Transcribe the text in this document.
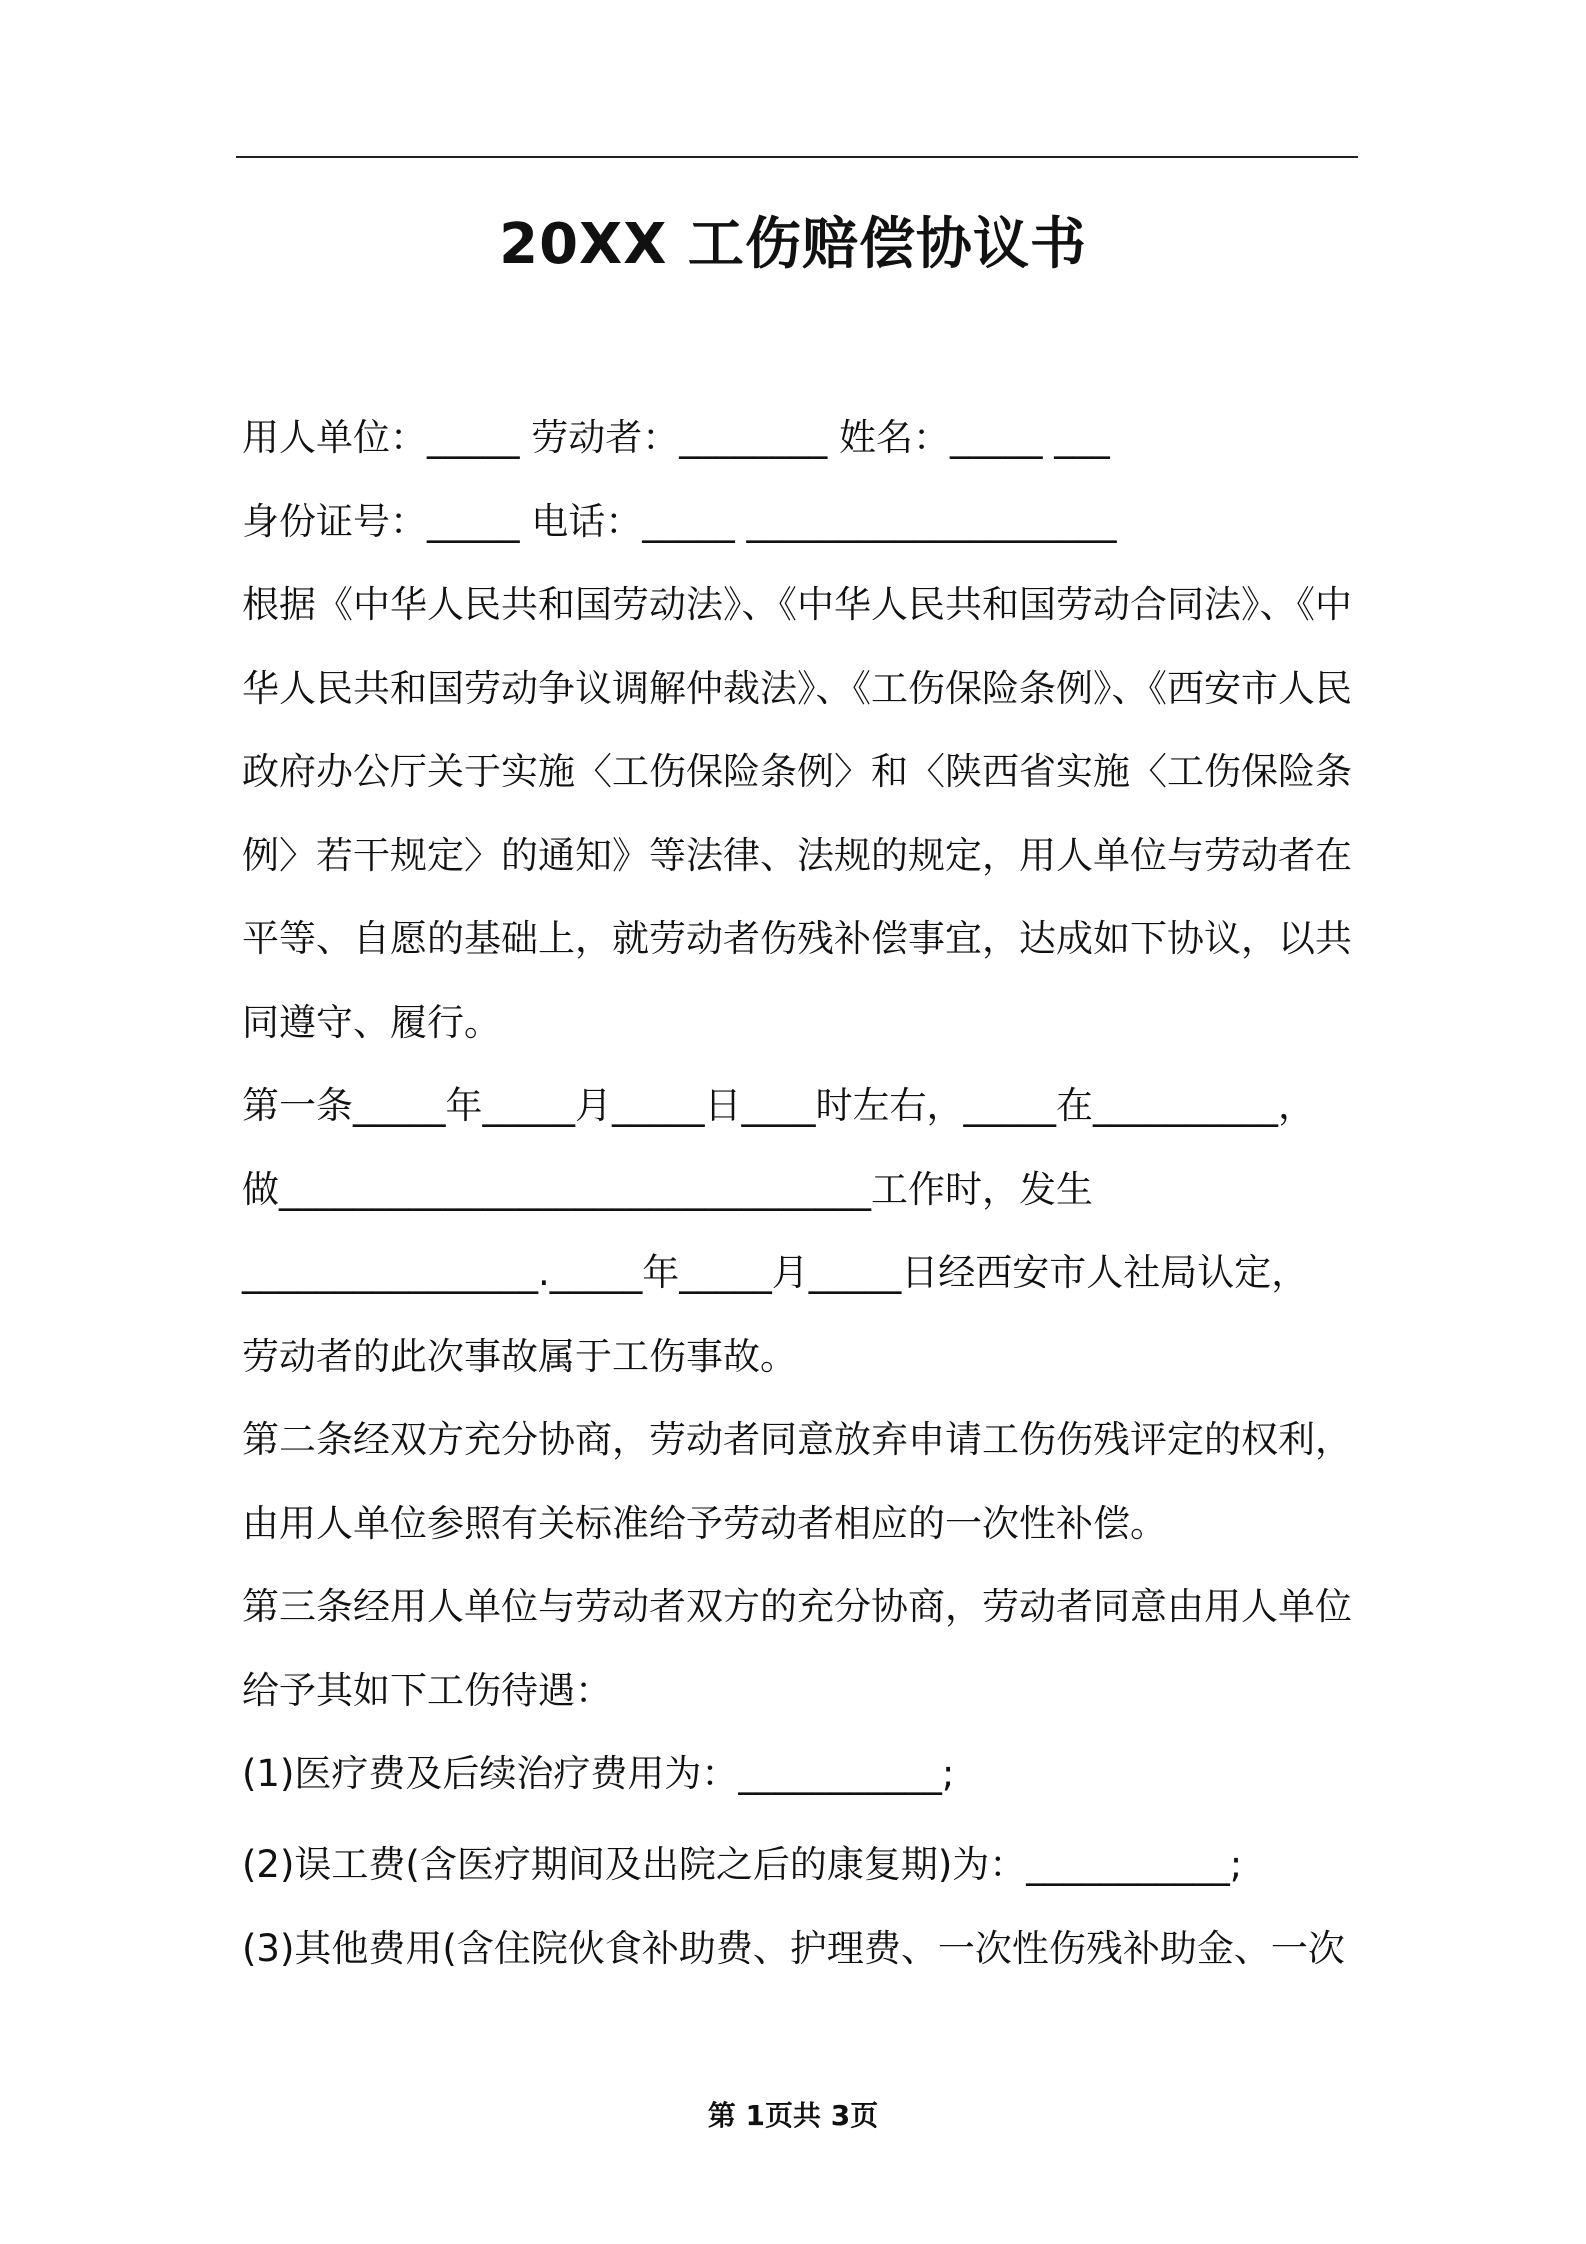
20XX 工伤赔偿协议书
用人单位：_____ 劳动者：________ 姓名：_____ ___
身份证号：_____ 电话：_____ ____________________
根据《中华人民共和国劳动法》、《中华人民共和国劳动合同法》、《中
华人民共和国劳动争议调解仲裁法》、《工伤保险条例》、《西安市人民
政府办公厅关于实施〈工伤保险条例〉和〈陕西省实施〈工伤保险条
例〉若干规定〉的通知》等法律、法规的规定，用人单位与劳动者在
平等、自愿的基础上，就劳动者伤残补偿事宜，达成如下协议，以共
同遵守、履行。
第一条_____年_____月_____日____时左右，_____在__________，
做________________________________工作时，发生
________________._____年_____月_____日经西安市人社局认定，
劳动者的此次事故属于工伤事故。
第二条经双方充分协商，劳动者同意放弃申请工伤伤残评定的权利，
由用人单位参照有关标准给予劳动者相应的一次性补偿。
第三条经用人单位与劳动者双方的充分协商，劳动者同意由用人单位
给予其如下工伤待遇：
(1)医疗费及后续治疗费用为：___________;
(2)误工费(含医疗期间及出院之后的康复期)为：___________;
(3)其他费用(含住院伙食补助费、护理费、一次性伤残补助金、一次
第 1页共 3页
